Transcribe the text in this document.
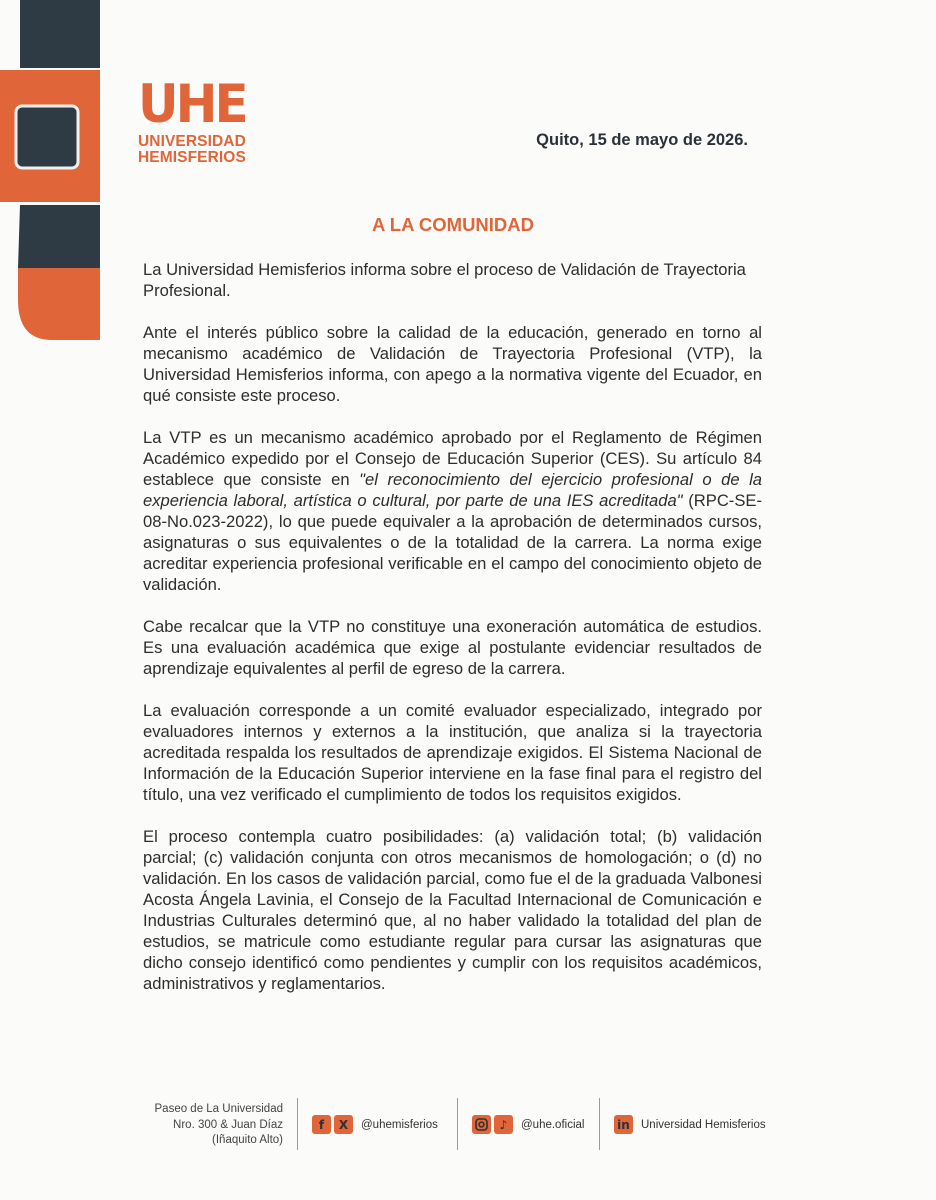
UHE
UNIVERSIDAD
HEMISFERIOS
Quito, 15 de mayo de 2026.
A LA COMUNIDAD

La Universidad Hemisferios informa sobre el proceso de Validación de Trayectoria Profesional.

Ante el interés público sobre la calidad de la educación, generado en torno al mecanismo académico de Validación de Trayectoria Profesional (VTP), la Universidad Hemisferios informa, con apego a la normativa vigente del Ecuador, en qué consiste este proceso.

La VTP es un mecanismo académico aprobado por el Reglamento de Régimen Académico expedido por el Consejo de Educación Superior (CES). Su artículo 84 establece que consiste en "el reconocimiento del ejercicio profesional o de la experiencia laboral, artística o cultural, por parte de una IES acreditada" (RPC-SE-08-No.023-2022), lo que puede equivaler a la aprobación de determinados cursos, asignaturas o sus equivalentes o de la totalidad de la carrera. La norma exige acreditar experiencia profesional verificable en el campo del conocimiento objeto de validación.

Cabe recalcar que la VTP no constituye una exoneración automática de estudios. Es una evaluación académica que exige al postulante evidenciar resultados de aprendizaje equivalentes al perfil de egreso de la carrera.

La evaluación corresponde a un comité evaluador especializado, integrado por evaluadores internos y externos a la institución, que analiza si la trayectoria acreditada respalda los resultados de aprendizaje exigidos. El Sistema Nacional de Información de la Educación Superior interviene en la fase final para el registro del título, una vez verificado el cumplimiento de todos los requisitos exigidos.

El proceso contempla cuatro posibilidades: (a) validación total; (b) validación parcial; (c) validación conjunta con otros mecanismos de homologación; o (d) no validación. En los casos de validación parcial, como fue el de la graduada Valbonesi Acosta Ángela Lavinia, el Consejo de la Facultad Internacional de Comunicación e Industrias Culturales determinó que, al no haber validado la totalidad del plan de estudios, se matricule como estudiante regular para cursar las asignaturas que dicho consejo identificó como pendientes y cumplir con los requisitos académicos, administrativos y reglamentarios.

Paseo de La Universidad
Nro. 300 & Juan Díaz
(Iñaquito Alto)
f	X	@uhemisferios	♪	@uhe.oficial	in Universidad Hemisferios
